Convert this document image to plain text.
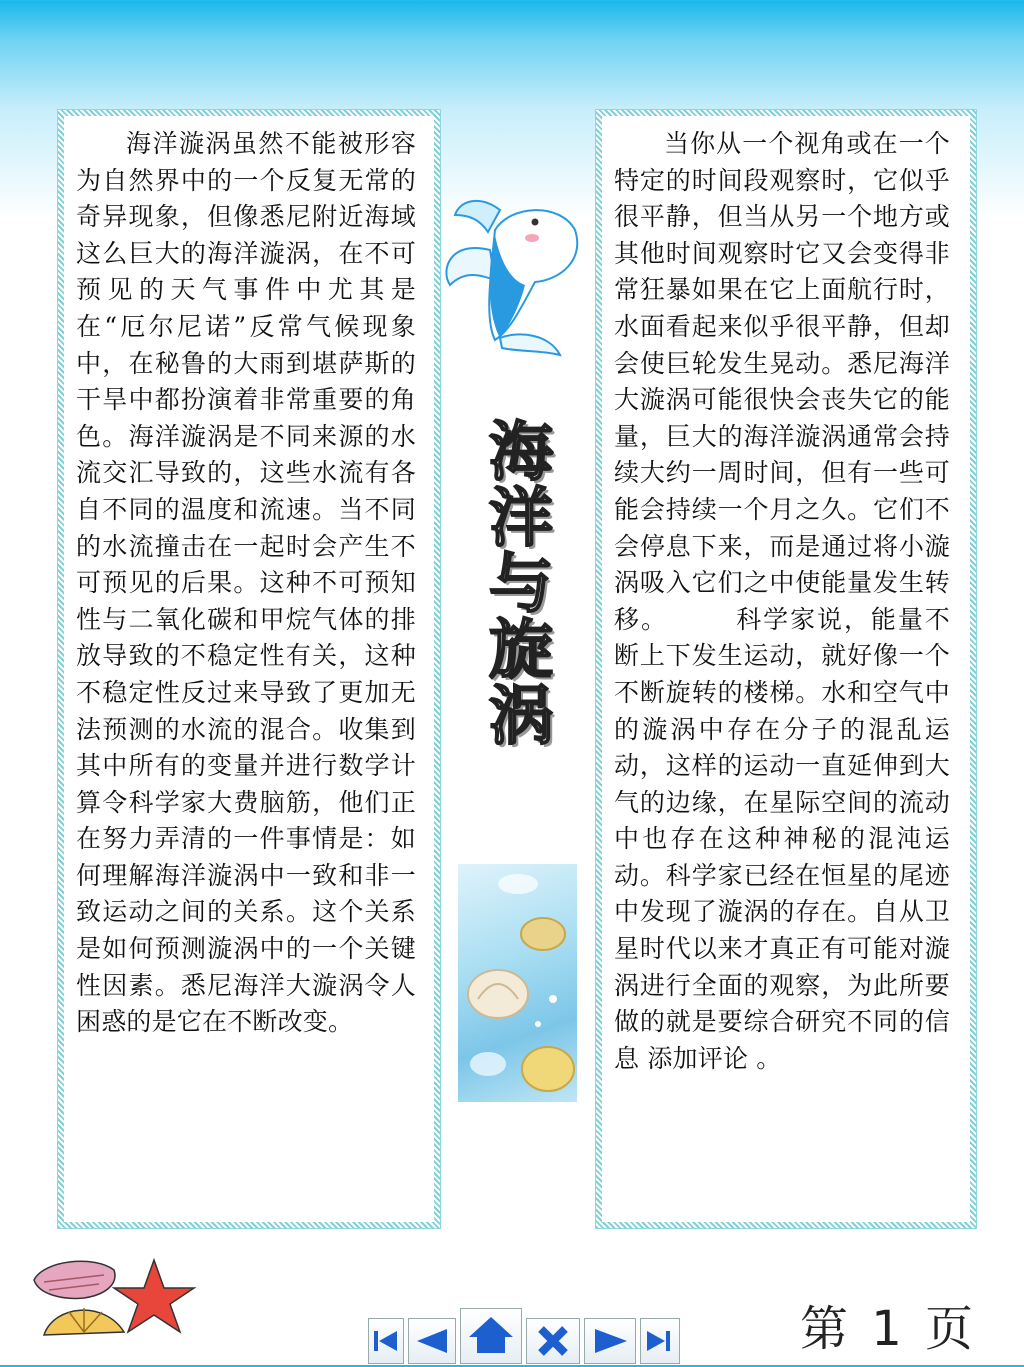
海洋漩涡虽然不能被形容为自然界中的一个反复无常的奇异现象，但像悉尼附近海域这么巨大的海洋漩涡，在不可预见的天气事件中尤其是在“厄尔尼诺”反常气候现象中，在秘鲁的大雨到堪萨斯的干旱中都扮演着非常重要的角色。海洋漩涡是不同来源的水流交汇导致的，这些水流有各自不同的温度和流速。当不同的水流撞击在一起时会产生不可预见的后果。这种不可预知性与二氧化碳和甲烷气体的排放导致的不稳定性有关，这种不稳定性反过来导致了更加无法预测的水流的混合。收集到其中所有的变量并进行数学计算令科学家大费脑筋，他们正在努力弄清的一件事情是：如何理解海洋漩涡中一致和非一致运动之间的关系。这个关系是如何预测漩涡中的一个关键性因素。悉尼海洋大漩涡令人困惑的是它在不断改变。

海洋与旋涡

当你从一个视角或在一个特定的时间段观察时，它似乎很平静，但当从另一个地方或其他时间观察时它又会变得非常狂暴如果在它上面航行时，水面看起来似乎很平静，但却会使巨轮发生晃动。悉尼海洋大漩涡可能很快会丧失它的能量，巨大的海洋漩涡通常会持续大约一周时间，但有一些可能会持续一个月之久。它们不会停息下来，而是通过将小漩涡吸入它们之中使能量发生转移。　　　科学家说，能量不断上下发生运动，就好像一个不断旋转的楼梯。水和空气中的漩涡中存在分子的混乱运动，这样的运动一直延伸到大气的边缘，在星际空间的流动中也存在这种神秘的混沌运动。科学家已经在恒星的尾迹中发现了漩涡的存在。自从卫星时代以来才真正有可能对漩涡进行全面的观察，为此所要做的就是要综合研究不同的信息 添加评论 。

第 1 页
